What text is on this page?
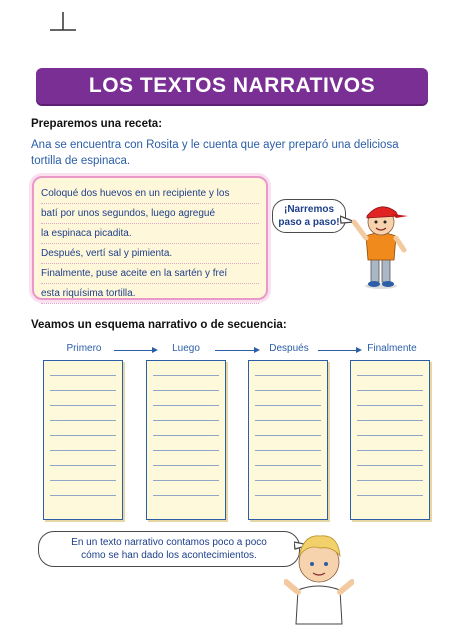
LOS TEXTOS NARRATIVOS
Preparemos una receta:
Ana se encuentra con Rosita y le cuenta que ayer preparó una deliciosa tortilla de espinaca.
Coloqué dos huevos en un recipiente y los
batí por unos segundos, luego agregué
la espinaca picadita.
Después, vertí sal y pimienta.
Finalmente, puse aceite en la sartén y freí
esta riquísima tortilla.
¡Narremos
paso a paso!
Veamos un esquema narrativo o de secuencia:
Primero	Luego	Después	Finalmente
En un texto narrativo contamos poco a poco
cómo se han dado los acontecimientos.
